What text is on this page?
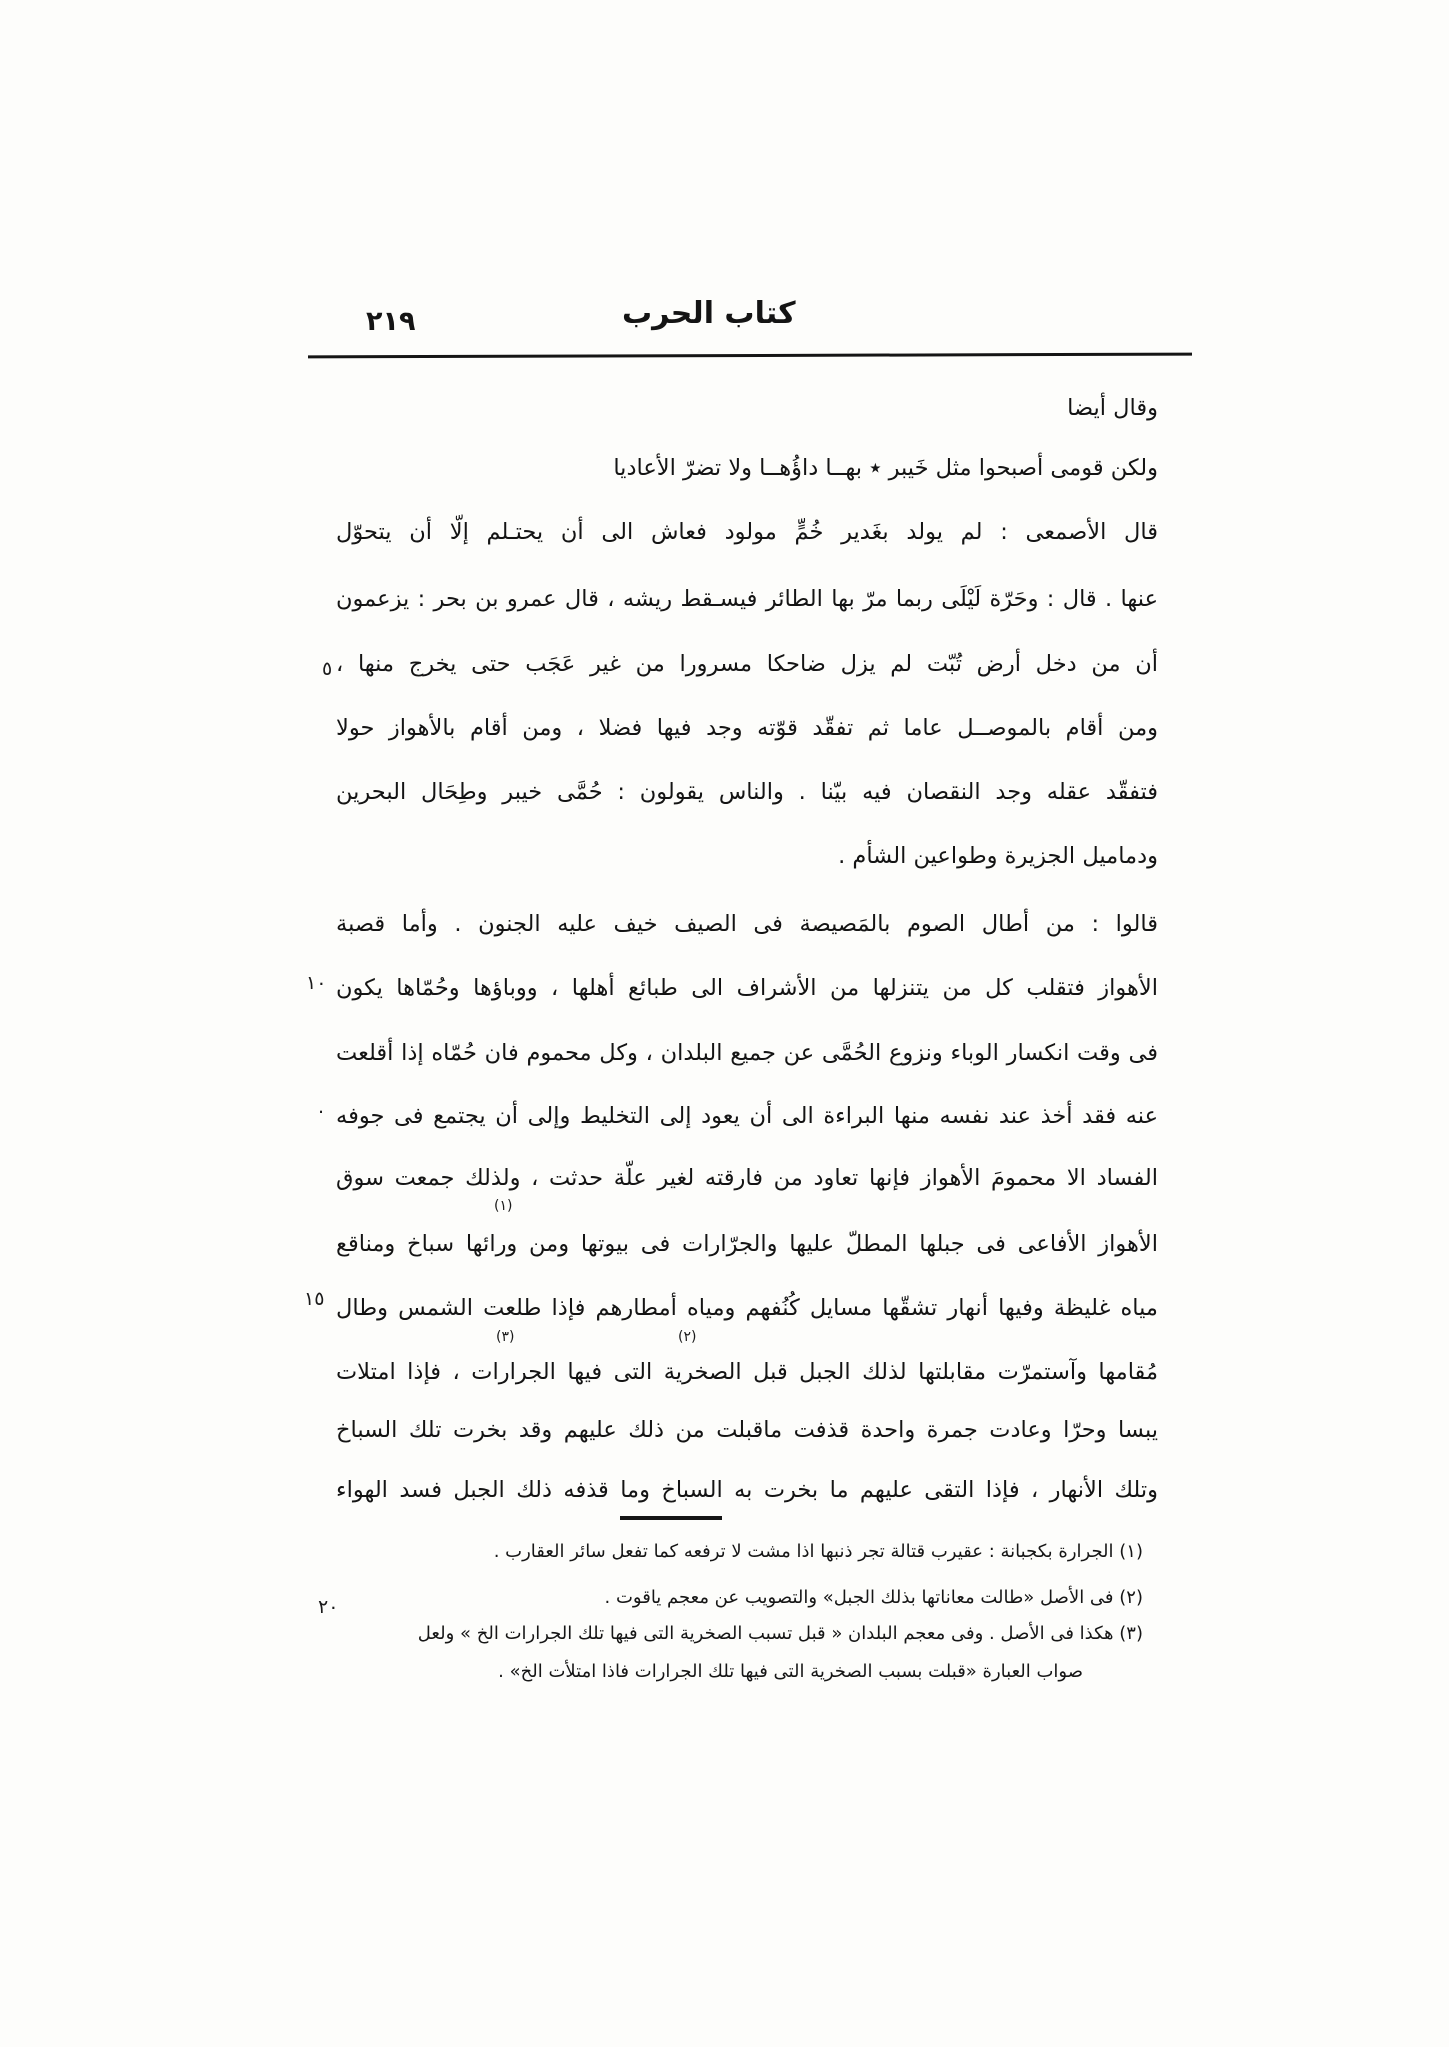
٢١٩	كتاب الحرب
وقال أيضا
ولكن قومى أصبحوا مثل خَيبر ٭ بهــا داؤُهــا ولا تضرّ الأعاديا
قال الأصمعى : لم يولد بغَدير خُمٍّ مولود فعاش الى أن يحتـلم إلّا أن يتحوّل
عنها . قال : وحَرّة لَيْلَى ربما مرّ بها الطائر فيسـقط ريشه ، قال عمرو بن بحر : يزعمون
أن من دخل أرض تُبّت لم يزل ضاحكا مسرورا من غير عَجَب حتى يخرج منها ،
ومن أقام بالموصــل عاما ثم تفقّد قوّته وجد فيها فضلا ، ومن أقام بالأهواز حولا
فتفقّد عقله وجد النقصان فيه بيّنا . والناس يقولون : حُمَّى خيبر وطِحَال البحرين
ودماميل الجزيرة وطواعين الشأم .
قالوا : من أطال الصوم بالمَصيصة فى الصيف خيف عليه الجنون . وأما قصبة
الأهواز فتقلب كل من يتنزلها من الأشراف الى طبائع أهلها ، ووباؤها وحُمّاها يكون
فى وقت انكسار الوباء ونزوع الحُمَّى عن جميع البلدان ، وكل محموم فان حُمّاه إذا أقلعت
عنه فقد أخذ عند نفسه منها البراءة الى أن يعود إلى التخليط وإلى أن يجتمع فى جوفه
الفساد الا محمومَ الأهواز فإنها تعاود من فارقته لغير علّة حدثت ، ولذلك جمعت سوق
الأهواز الأفاعى فى جبلها المطلّ عليها والجرّارات فى بيوتها ومن ورائها سباخ ومناقع
مياه غليظة وفيها أنهار تشقّها مسايل كُنُفهم ومياه أمطارهم فإذا طلعت الشمس وطال
مُقامها وآستمرّت مقابلتها لذلك الجبل قبل الصخرية التى فيها الجرارات ، فإذا امتلات
يبسا وحرّا وعادت جمرة واحدة قذفت ماقبلت من ذلك عليهم وقد بخرت تلك السباخ
وتلك الأنهار ، فإذا التقى عليهم ما بخرت به السباخ وما قذفه ذلك الجبل فسد الهواء
٥
١٠
.
١٥
٢٠
(١)
(٢)
(٣)
(١) الجرارة بكجبانة : عقيرب قتالة تجر ذنبها اذا مشت لا ترفعه كما تفعل سائر العقارب .
(٢) فى الأصل «طالت معاناتها بذلك الجبل» والتصويب عن معجم ياقوت .
(٣) هكذا فى الأصل . وفى معجم البلدان « قبل تسبب الصخرية التى فيها تلك الجرارات الخ » ولعل
صواب العبارة «قبلت بسبب الصخرية التى فيها تلك الجرارات فاذا امتلأت الخ» .
